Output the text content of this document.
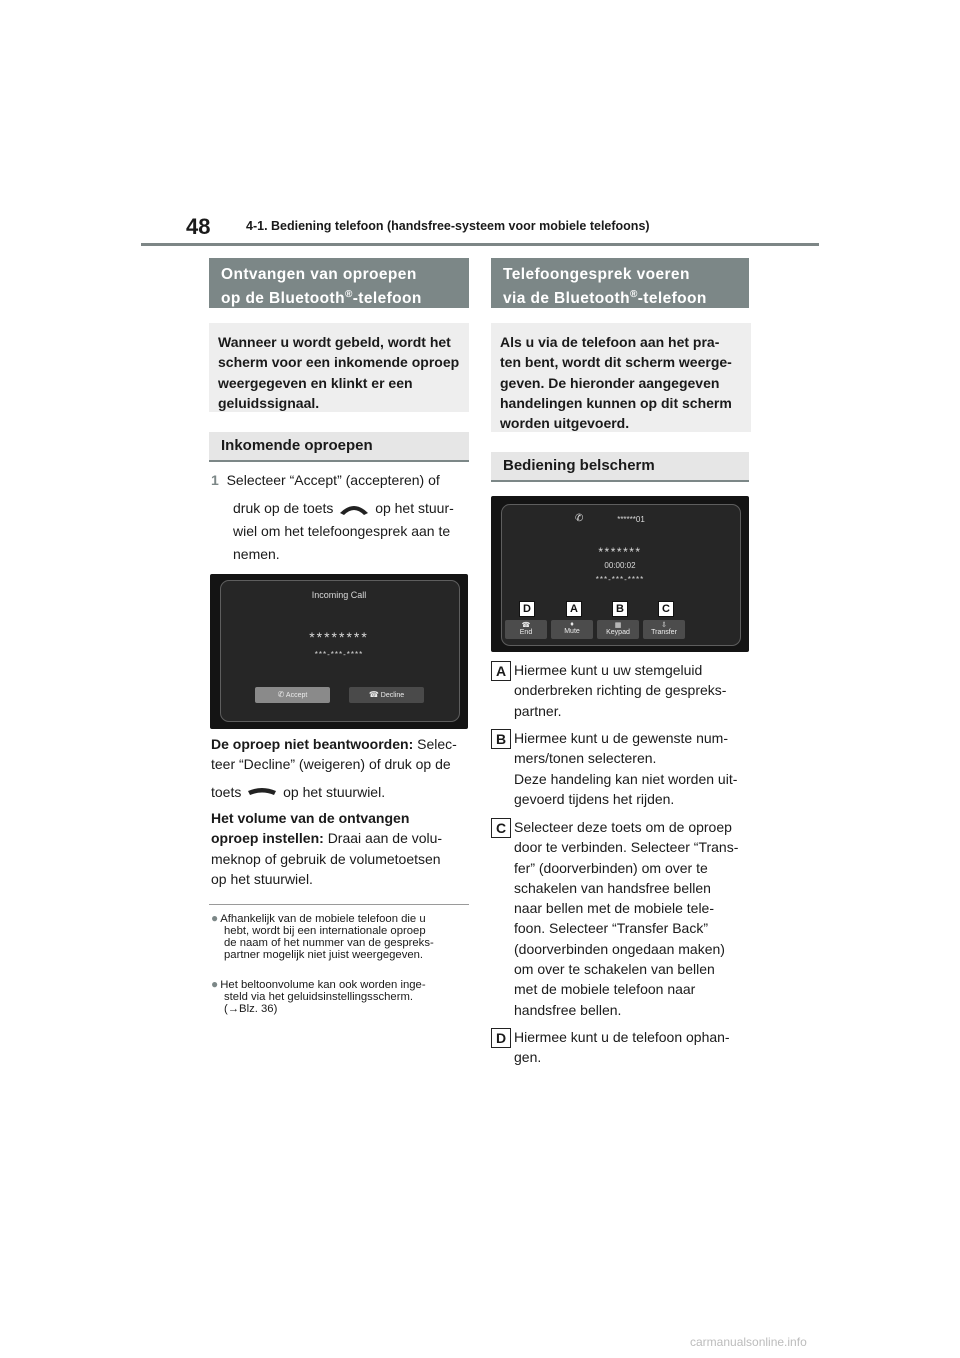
48	4-1. Bediening telefoon (handsfree-systeem voor mobiele telefoons)
Ontvangen van oproepen
op de Bluetooth®-telefoon
Wanneer u wordt gebeld, wordt het scherm voor een inkomende oproep weergegeven en klinkt er een geluidssignaal.
Inkomende oproepen
1 Selecteer “Accept” (accepteren) of
druk op de toets	op het stuur-
wiel om het telefoongesprek aan te
nemen.
Incoming Call
********
***-***-****
✆ Accept	☎ Decline
De oproep niet beantwoorden: Selec-
teer “Decline” (weigeren) of druk op de
toets	op het stuurwiel.
Het volume van de ontvangen
oproep instellen: Draai aan de volu-
meknop of gebruik de volumetoetsen
op het stuurwiel.
● Afhankelijk van de mobiele telefoon die u
hebt, wordt bij een internationale oproep
de naam of het nummer van de gespreks-
partner mogelijk niet juist weergegeven.
● Het beltoonvolume kan ook worden inge-
steld via het geluidsinstellingsscherm.
(→Blz. 36)
Telefoongesprek voeren
via de Bluetooth®-telefoon
Als u via de telefoon aan het pra-
ten bent, wordt dit scherm weerge-
geven. De hieronder aangegeven
handelingen kunnen op dit scherm
worden uitgevoerd.
Bediening belscherm
✆	******01
*******
00:00:02
***-***-****
☎
End
♦
Mute
▦
Keypad
⇩
Transfer
D	A	B	C
A Hiermee kunt u uw stemgeluid
onderbreken richting de gespreks-
partner.
B Hiermee kunt u de gewenste num-
mers/tonen selecteren.
Deze handeling kan niet worden uit-
gevoerd tijdens het rijden.
C Selecteer deze toets om de oproep
door te verbinden. Selecteer “Trans-
fer” (doorverbinden) om over te
schakelen van handsfree bellen
naar bellen met de mobiele tele-
foon. Selecteer “Transfer Back”
(doorverbinden ongedaan maken)
om over te schakelen van bellen
met de mobiele telefoon naar
handsfree bellen.
D Hiermee kunt u de telefoon ophan-
gen.
carmanualsonline.info
